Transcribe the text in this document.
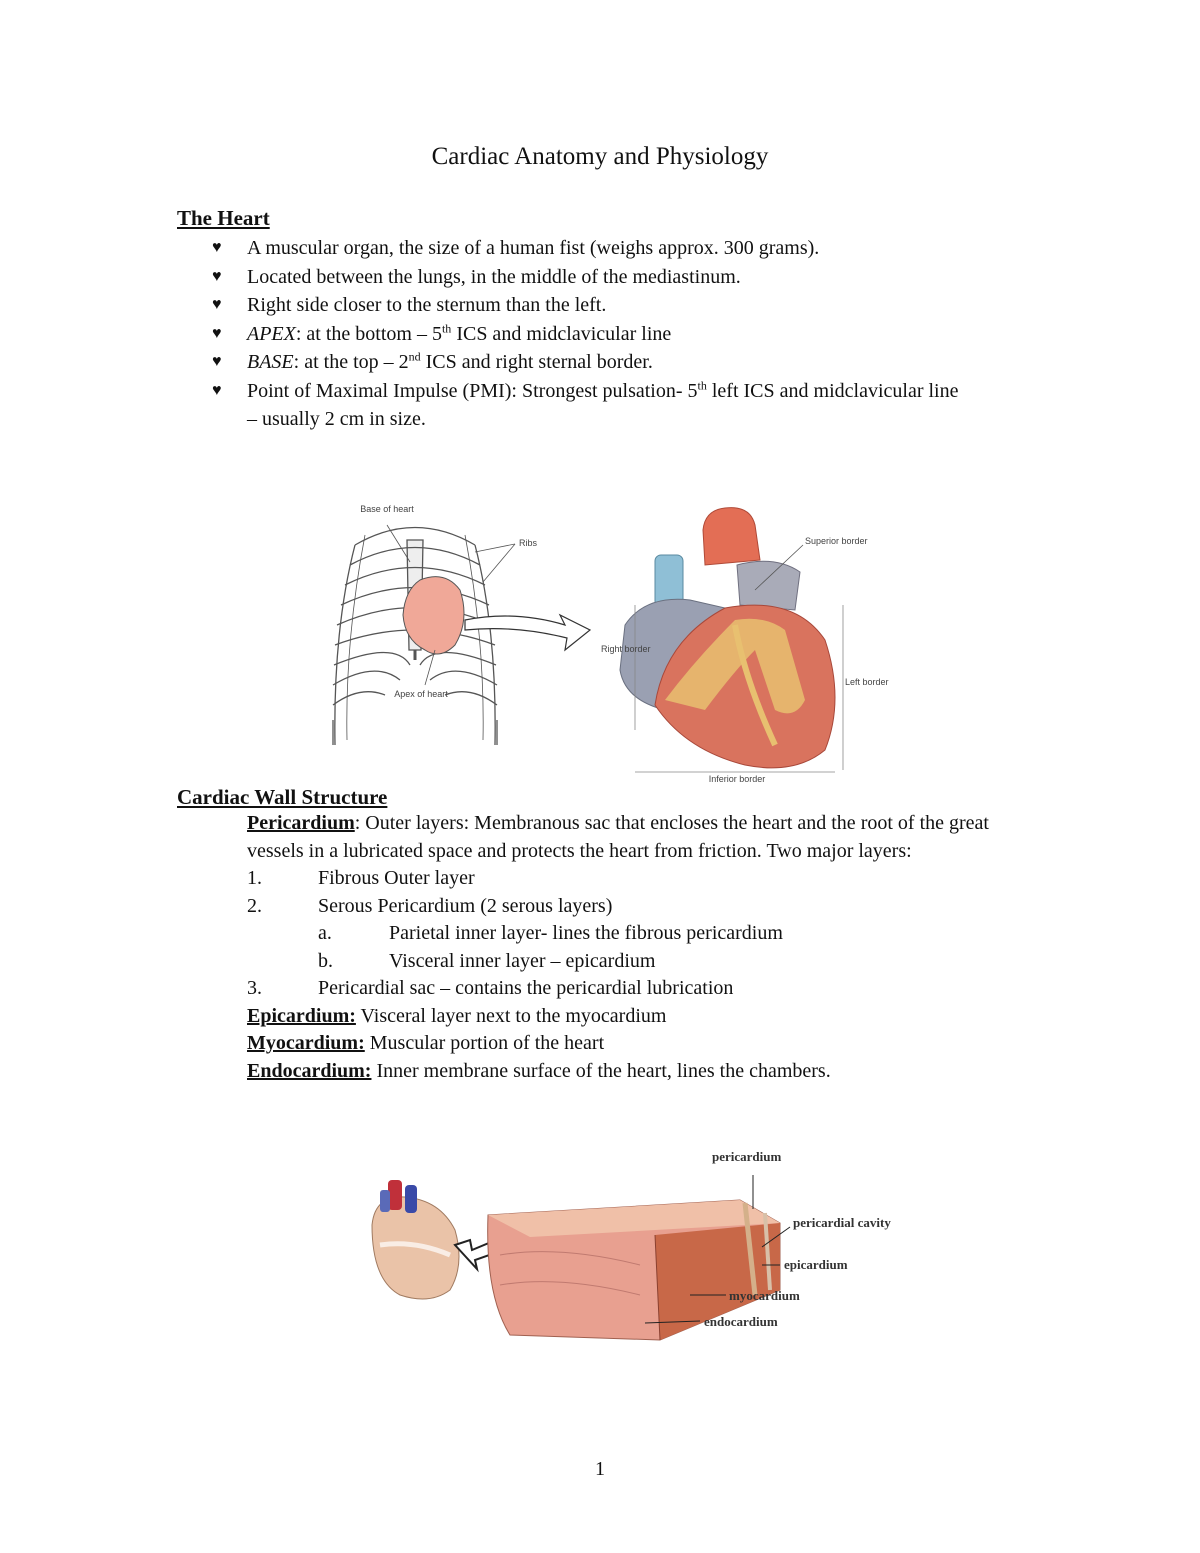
Cardiac Anatomy and Physiology
The Heart
♥ A muscular organ, the size of a human fist (weighs approx. 300 grams).
♥ Located between the lungs, in the middle of the mediastinum.
♥ Right side closer to the sternum than the left.
♥ APEX: at the bottom – 5th ICS and midclavicular line
♥ BASE: at the top – 2nd ICS and right sternal border.
♥ Point of Maximal Impulse (PMI): Strongest pulsation- 5th left ICS and midclavicular line – usually 2 cm in size.
Base of heart
Ribs
Apex of heart
Superior border
Right border
Left border
Inferior border
Cardiac Wall Structure
Pericardium: Outer layers: Membranous sac that encloses the heart and the root of the great vessels in a lubricated space and protects the heart from friction. Two major layers:
1.	Fibrous Outer layer
2.	Serous Pericardium (2 serous layers)
a.	Parietal inner layer- lines the fibrous pericardium
b.	Visceral inner layer – epicardium
3.	Pericardial sac – contains the pericardial lubrication
Epicardium: Visceral layer next to the myocardium
Myocardium: Muscular portion of the heart
Endocardium: Inner membrane surface of the heart, lines the chambers.
pericardium
pericardial cavity
epicardium
myocardium
endocardium
1
